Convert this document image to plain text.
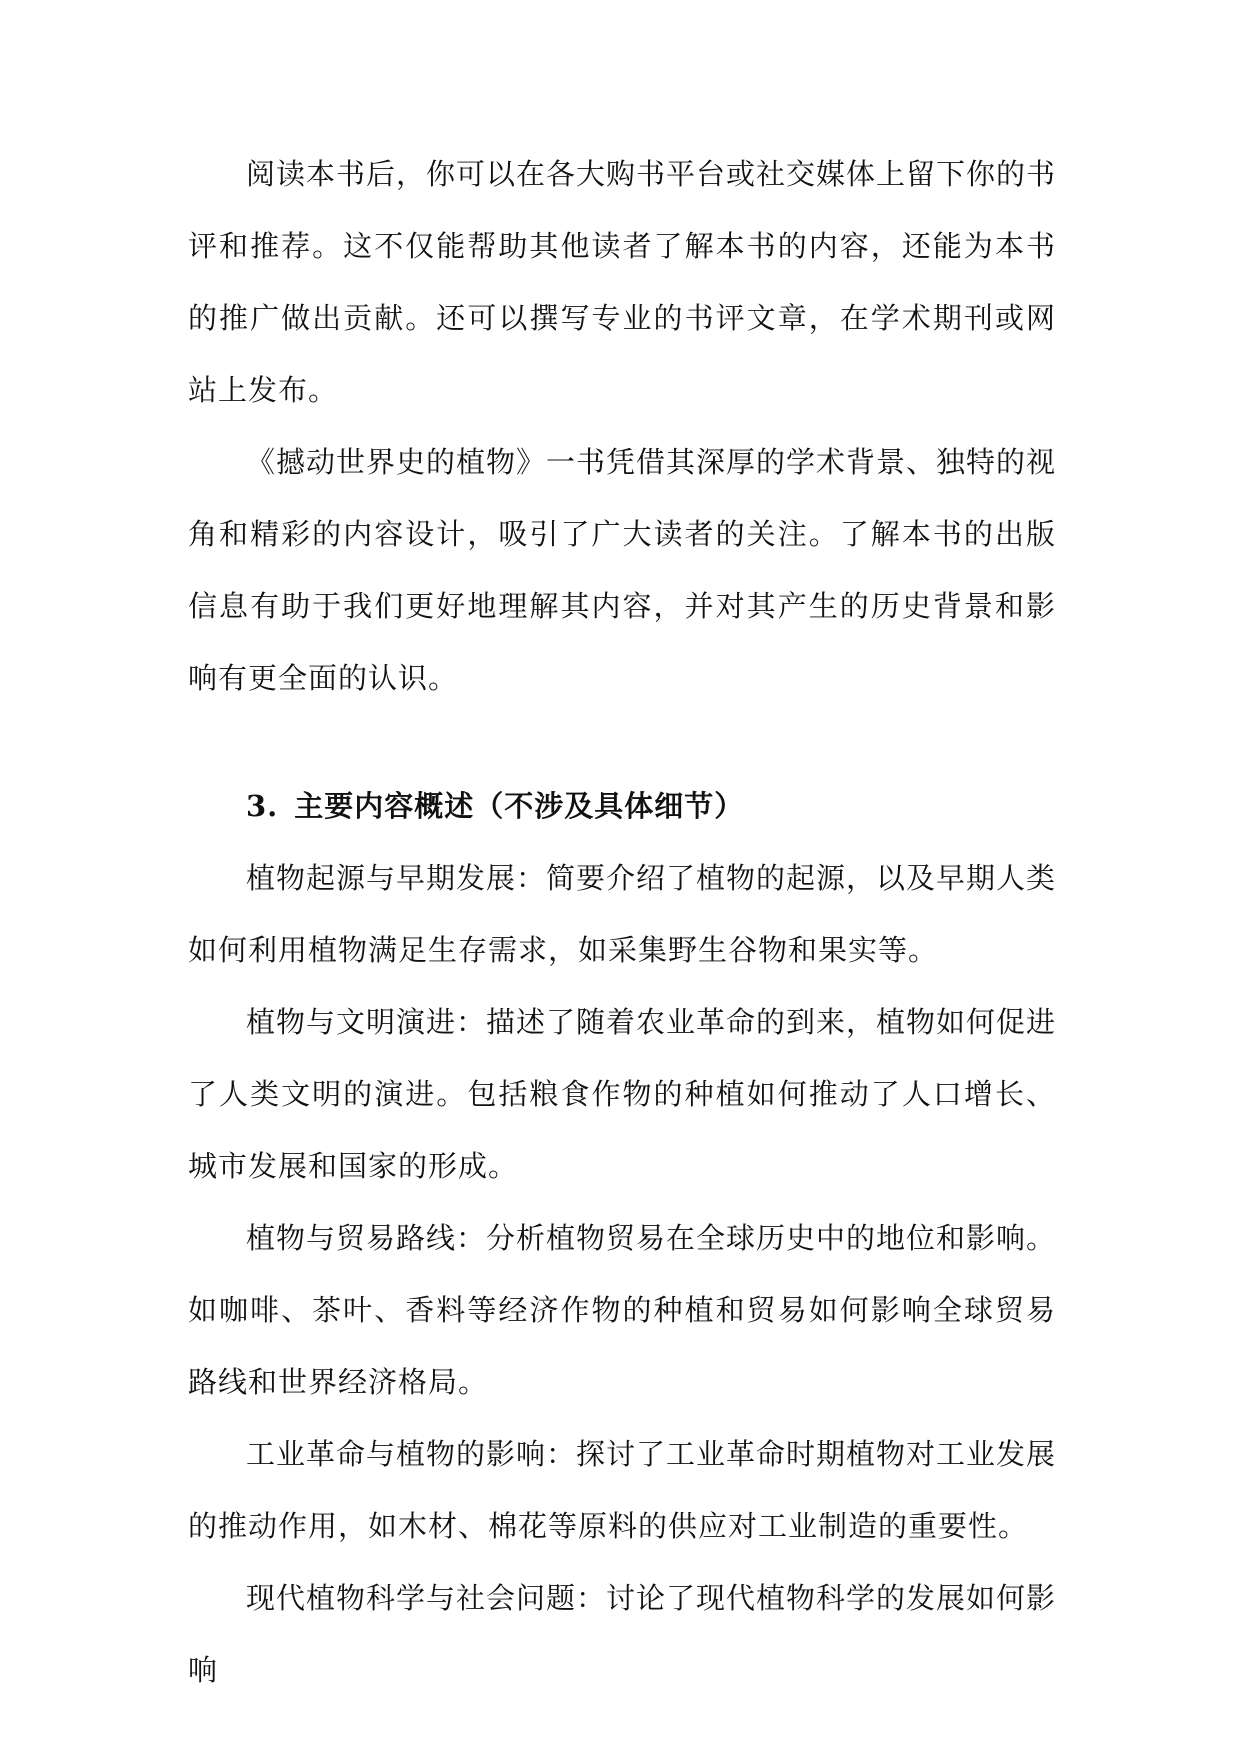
阅读本书后，你可以在各大购书平台或社交媒体上留下你的书评和推荐。这不仅能帮助其他读者了解本书的内容，还能为本书的推广做出贡献。还可以撰写专业的书评文章，在学术期刊或网站上发布。

《撼动世界史的植物》一书凭借其深厚的学术背景、独特的视角和精彩的内容设计，吸引了广大读者的关注。了解本书的出版信息有助于我们更好地理解其内容，并对其产生的历史背景和影响有更全面的认识。

3. 主要内容概述（不涉及具体细节）

植物起源与早期发展：简要介绍了植物的起源，以及早期人类如何利用植物满足生存需求，如采集野生谷物和果实等。

植物与文明演进：描述了随着农业革命的到来，植物如何促进了人类文明的演进。包括粮食作物的种植如何推动了人口增长、城市发展和国家的形成。

植物与贸易路线：分析植物贸易在全球历史中的地位和影响。如咖啡、茶叶、香料等经济作物的种植和贸易如何影响全球贸易路线和世界经济格局。

工业革命与植物的影响：探讨了工业革命时期植物对工业发展的推动作用，如木材、棉花等原料的供应对工业制造的重要性。

现代植物科学与社会问题：讨论了现代植物科学的发展如何影响
